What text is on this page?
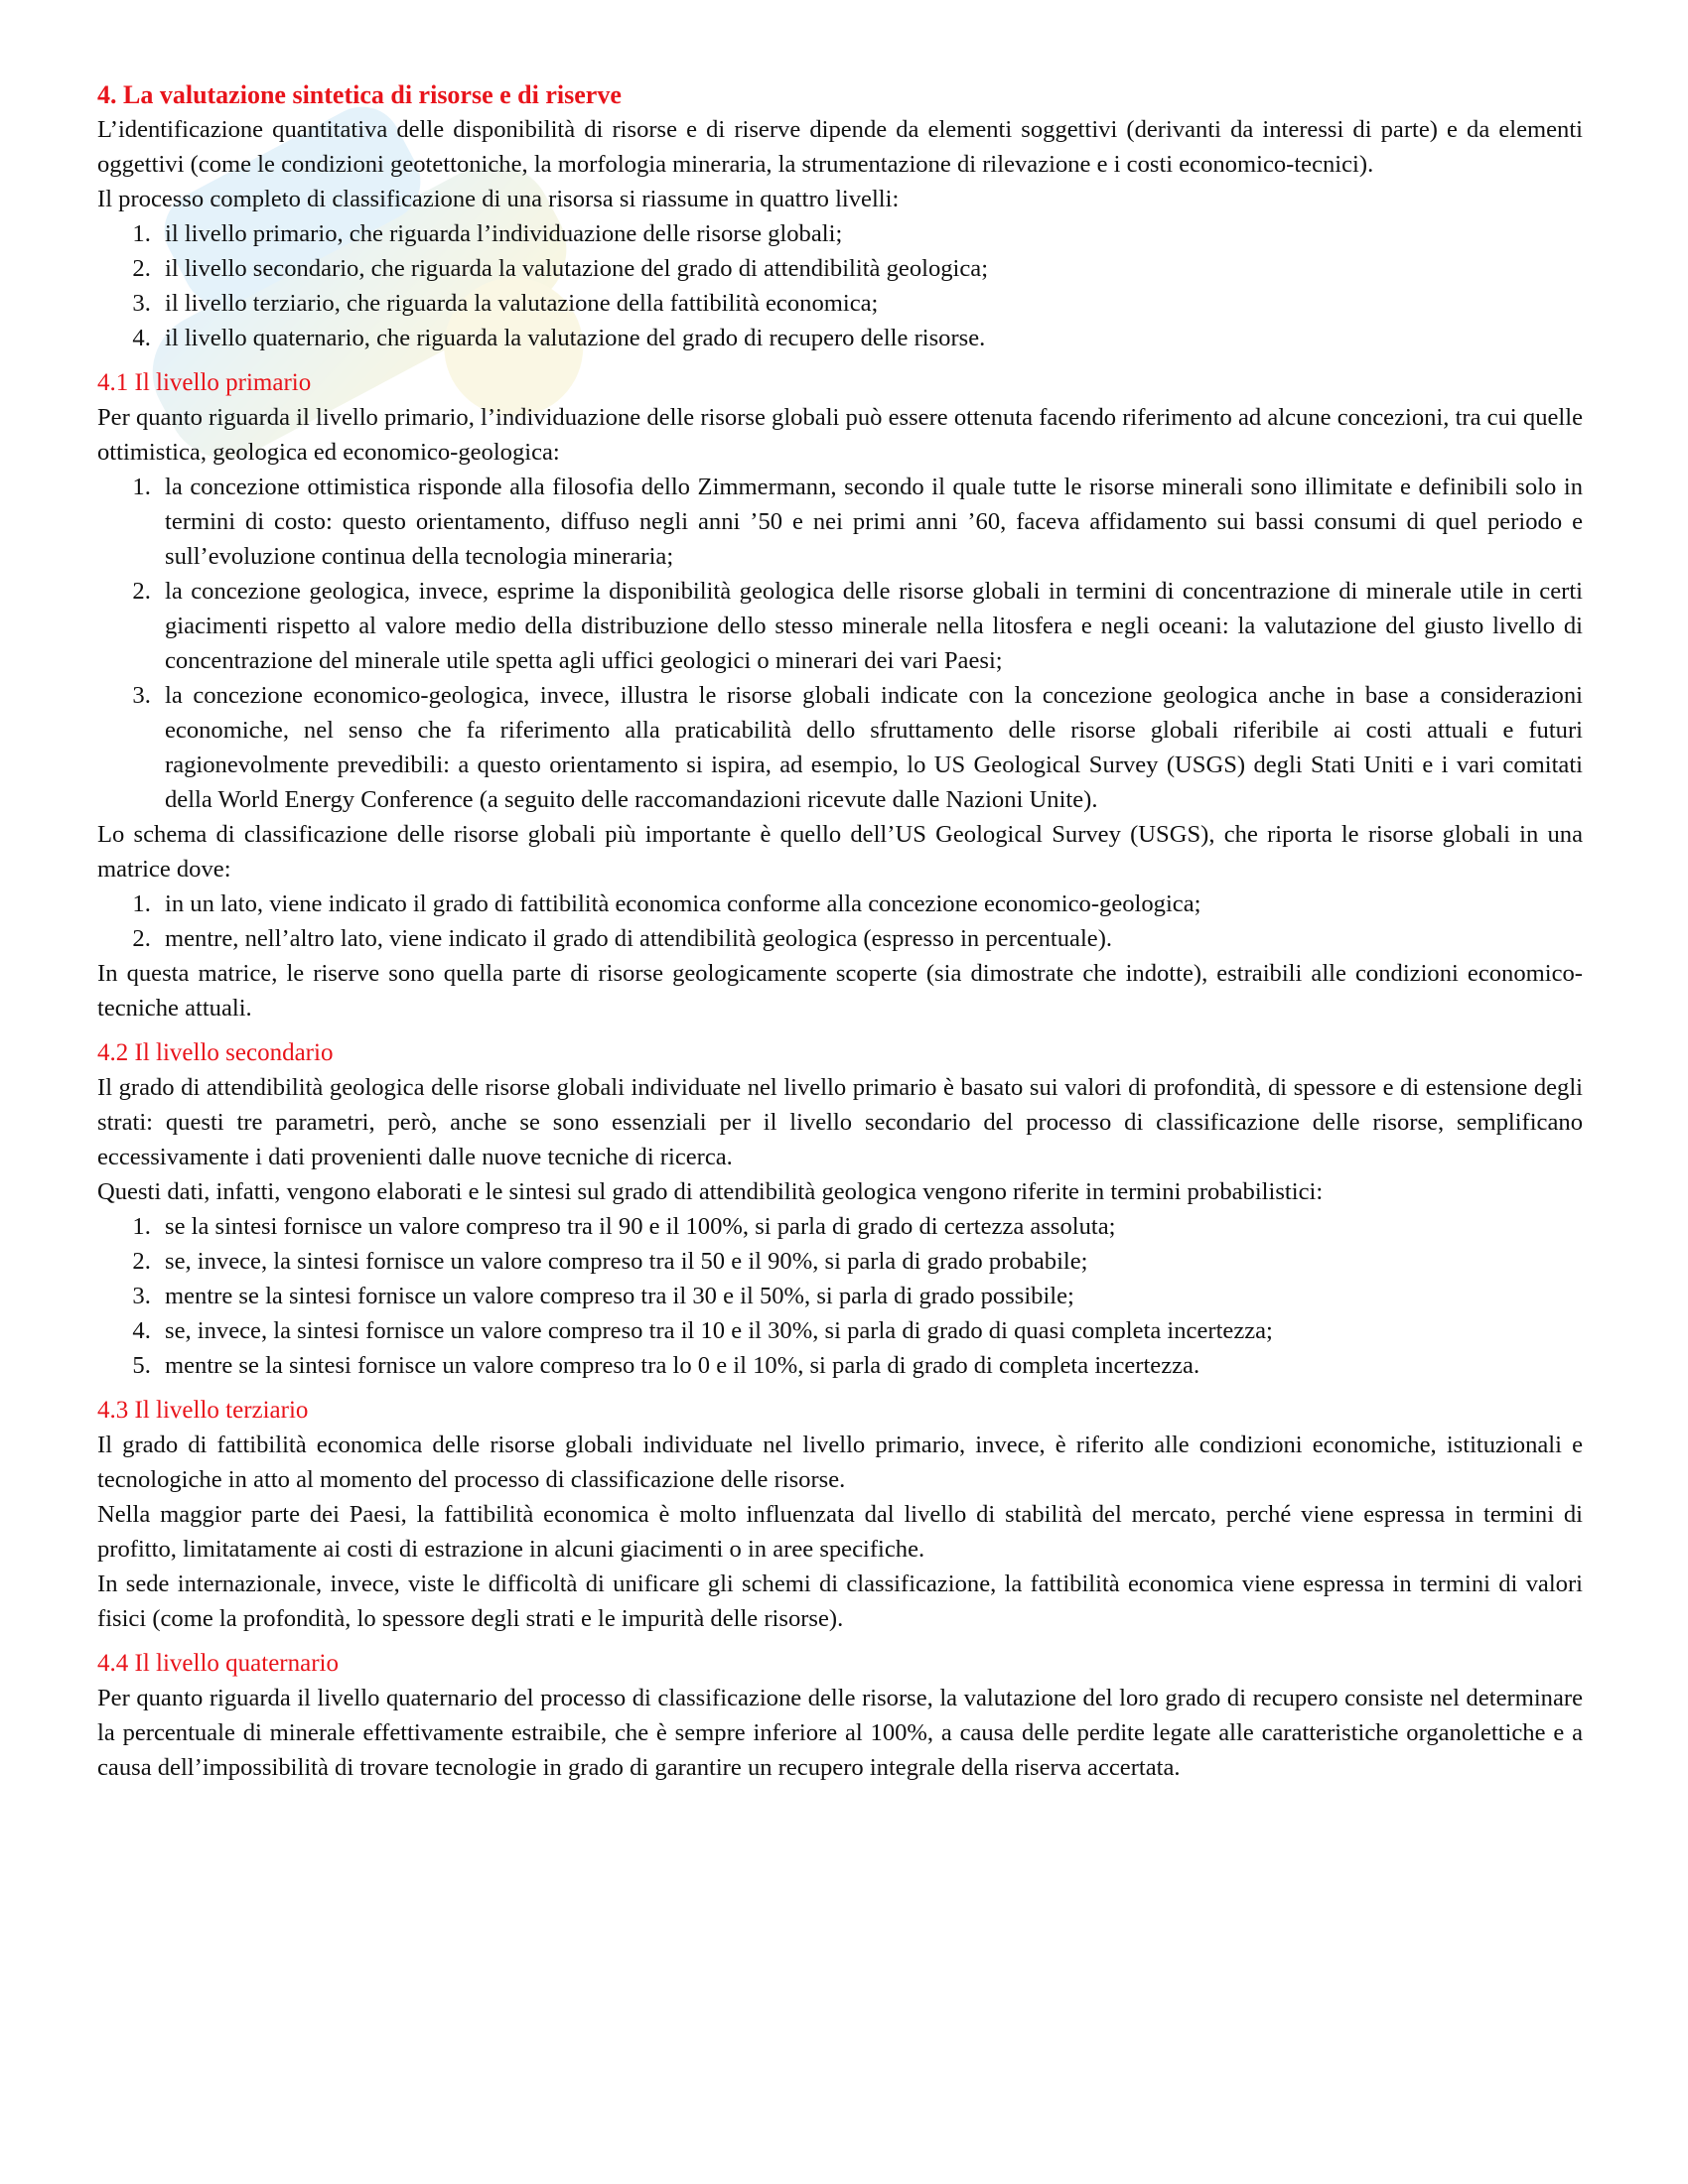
4. La valutazione sintetica di risorse e di riserve

L’identificazione quantitativa delle disponibilità di risorse e di riserve dipende da elementi soggettivi (derivanti da interessi di parte) e da elementi oggettivi (come le condizioni geotettoniche, la morfologia mineraria, la strumentazione di rilevazione e i costi economico-tecnici).

Il processo completo di classificazione di una risorsa si riassume in quattro livelli:

1. il livello primario, che riguarda l’individuazione delle risorse globali;
2. il livello secondario, che riguarda la valutazione del grado di attendibilità geologica;
3. il livello terziario, che riguarda la valutazione della fattibilità economica;
4. il livello quaternario, che riguarda la valutazione del grado di recupero delle risorse.
4.1 Il livello primario

Per quanto riguarda il livello primario, l’individuazione delle risorse globali può essere ottenuta facendo riferimento ad alcune concezioni, tra cui quelle ottimistica, geologica ed economico-geologica:

1. la concezione ottimistica risponde alla filosofia dello Zimmermann, secondo il quale tutte le risorse minerali sono illimitate e definibili solo in termini di costo: questo orientamento, diffuso negli anni ’50 e nei primi anni ’60, faceva affidamento sui bassi consumi di quel periodo e sull’evoluzione continua della tecnologia mineraria;
2. la concezione geologica, invece, esprime la disponibilità geologica delle risorse globali in termini di concentrazione di minerale utile in certi giacimenti rispetto al valore medio della distribuzione dello stesso minerale nella litosfera e negli oceani: la valutazione del giusto livello di concentrazione del minerale utile spetta agli uffici geologici o minerari dei vari Paesi;
3. la concezione economico-geologica, invece, illustra le risorse globali indicate con la concezione geologica anche in base a considerazioni economiche, nel senso che fa riferimento alla praticabilità dello sfruttamento delle risorse globali riferibile ai costi attuali e futuri ragionevolmente prevedibili: a questo orientamento si ispira, ad esempio, lo US Geological Survey (USGS) degli Stati Uniti e i vari comitati della World Energy Conference (a seguito delle raccomandazioni ricevute dalle Nazioni Unite).

Lo schema di classificazione delle risorse globali più importante è quello dell’US Geological Survey (USGS), che riporta le risorse globali in una matrice dove:

1. in un lato, viene indicato il grado di fattibilità economica conforme alla concezione economico-geologica;
2. mentre, nell’altro lato, viene indicato il grado di attendibilità geologica (espresso in percentuale).

In questa matrice, le riserve sono quella parte di risorse geologicamente scoperte (sia dimostrate che indotte), estraibili alle condizioni economico-tecniche attuali.

4.2 Il livello secondario

Il grado di attendibilità geologica delle risorse globali individuate nel livello primario è basato sui valori di profondità, di spessore e di estensione degli strati: questi tre parametri, però, anche se sono essenziali per il livello secondario del processo di classificazione delle risorse, semplificano eccessivamente i dati provenienti dalle nuove tecniche di ricerca.

Questi dati, infatti, vengono elaborati e le sintesi sul grado di attendibilità geologica vengono riferite in termini probabilistici:

1. se la sintesi fornisce un valore compreso tra il 90 e il 100%, si parla di grado di certezza assoluta;
2. se, invece, la sintesi fornisce un valore compreso tra il 50 e il 90%, si parla di grado probabile;
3. mentre se la sintesi fornisce un valore compreso tra il 30 e il 50%, si parla di grado possibile;
4. se, invece, la sintesi fornisce un valore compreso tra il 10 e il 30%, si parla di grado di quasi completa incertezza;
5. mentre se la sintesi fornisce un valore compreso tra lo 0 e il 10%, si parla di grado di completa incertezza.
4.3 Il livello terziario

Il grado di fattibilità economica delle risorse globali individuate nel livello primario, invece, è riferito alle condizioni economiche, istituzionali e tecnologiche in atto al momento del processo di classificazione delle risorse.

Nella maggior parte dei Paesi, la fattibilità economica è molto influenzata dal livello di stabilità del mercato, perché viene espressa in termini di profitto, limitatamente ai costi di estrazione in alcuni giacimenti o in aree specifiche.

In sede internazionale, invece, viste le difficoltà di unificare gli schemi di classificazione, la fattibilità economica viene espressa in termini di valori fisici (come la profondità, lo spessore degli strati e le impurità delle risorse).

4.4 Il livello quaternario

Per quanto riguarda il livello quaternario del processo di classificazione delle risorse, la valutazione del loro grado di recupero consiste nel determinare la percentuale di minerale effettivamente estraibile, che è sempre inferiore al 100%, a causa delle perdite legate alle caratteristiche organolettiche e a causa dell’impossibilità di trovare tecnologie in grado di garantire un recupero integrale della riserva accertata.
